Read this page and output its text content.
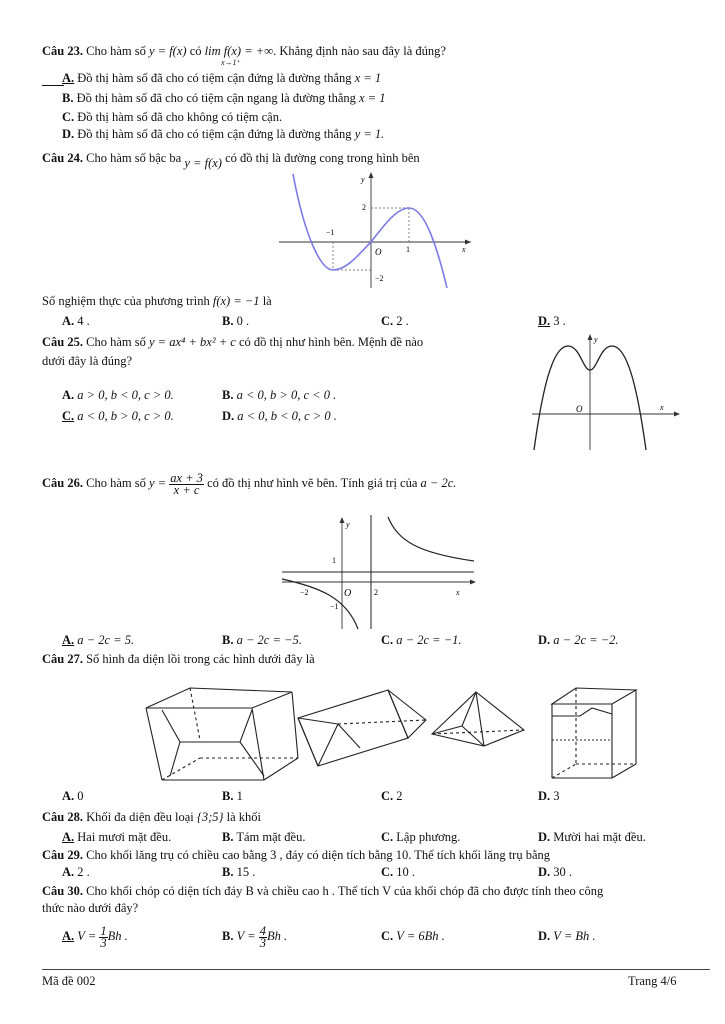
Câu 23. Cho hàm số y = f(x) có lim f(x) = +∞. Khẳng định nào sau đây là đúng?
x→1⁺
A. Đồ thị hàm số đã cho có tiệm cận đứng là đường thẳng x = 1
B. Đồ thị hàm số đã cho có tiệm cận ngang là đường thẳng x = 1
C. Đồ thị hàm số đã cho không có tiệm cận.
D. Đồ thị hàm số đã cho có tiệm cận đứng là đường thẳng y = 1.
Câu 24. Cho hàm số bậc ba y = f(x) có đồ thị là đường cong trong hình bên
y
x
O
−1
1
2
−2
Số nghiệm thực của phương trình f(x) = −1 là
A. 4 .	B. 0 .	C. 2 .	D. 3 .
Câu 25. Cho hàm số y = ax⁴ + bx² + c có đồ thị như hình bên. Mệnh đề nào
dưới đây là đúng?
y
x
O
A. a > 0, b < 0, c > 0.	B. a < 0, b > 0, c < 0 .
C. a < 0, b > 0, c > 0.	D. a < 0, b < 0, c > 0 .
Câu 26. Cho hàm số $y = \frac{ax + 3}{x + c}$ có đồ thị như hình vẽ bên. Tính giá trị của a − 2c.
y
x
O
−2	2
1
−1
A. a − 2c = 5.	B. a − 2c = −5.	C. a − 2c = −1.	D. a − 2c = −2.
Câu 27. Số hình đa diện lồi trong các hình dưới đây là
A. 0	B. 1	C. 2	D. 3
Câu 28. Khối đa diện đều loại {3;5} là khối
A. Hai mươi mặt đều.	B. Tám mặt đều.	C. Lập phương.	D. Mười hai mặt đều.
Câu 29. Cho khối lăng trụ có chiều cao bằng 3 , đáy có diện tích bằng 10. Thể tích khối lăng trụ bằng
A. 2 .	B. 15 .	C. 10 .	D. 30 .
Câu 30. Cho khối chóp có diện tích đáy B và chiều cao h . Thể tích V của khối chóp đã cho được tính theo công
thức nào dưới đây?
A. $V = \frac{1}{3}$ Bh .	B. $V = \frac{4}{3}$ Bh .	C. V = 6Bh .	D. V = Bh .
Mã đề 002	Trang 4/6
